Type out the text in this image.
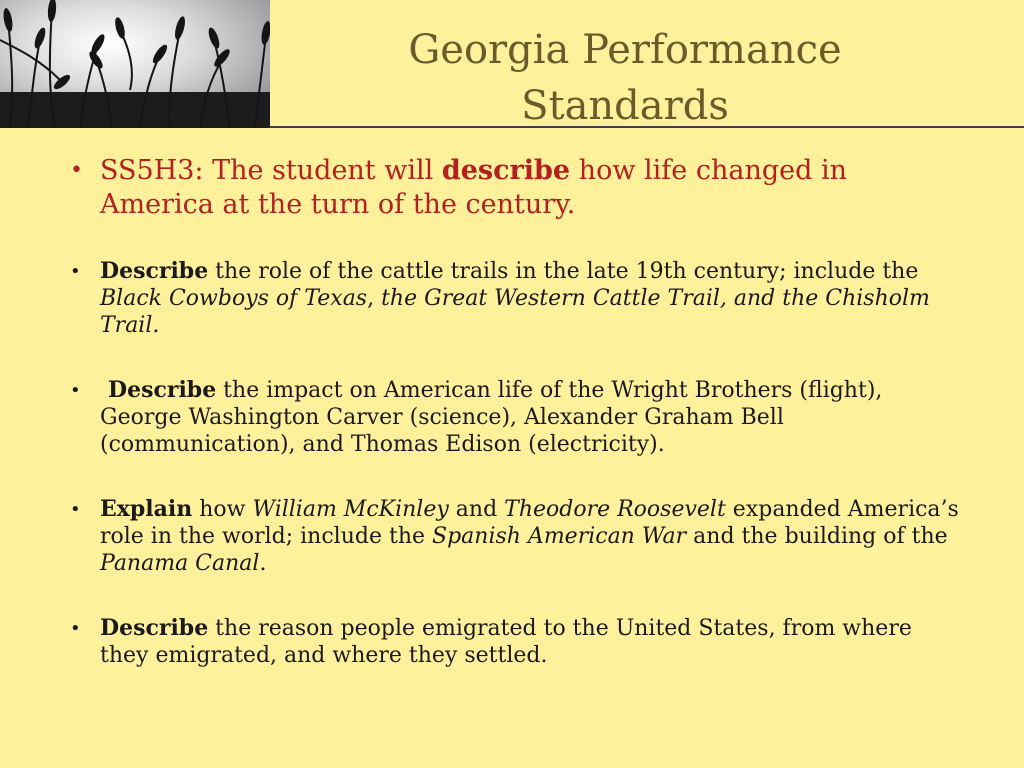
Georgia Performance
Standards
• SS5H3: The student will describe how life changed in America at the turn of the century.
• Describe the role of the cattle trails in the late 19th century; include the Black Cowboys of Texas, the Great Western Cattle Trail, and the Chisholm Trail.
• Describe the impact on American life of the Wright Brothers (flight), George Washington Carver (science), Alexander Graham Bell (communication), and Thomas Edison (electricity).
• Explain how William McKinley and Theodore Roosevelt expanded America’s role in the world; include the Spanish American War and the building of the Panama Canal.
• Describe the reason people emigrated to the United States, from where they emigrated, and where they settled.
